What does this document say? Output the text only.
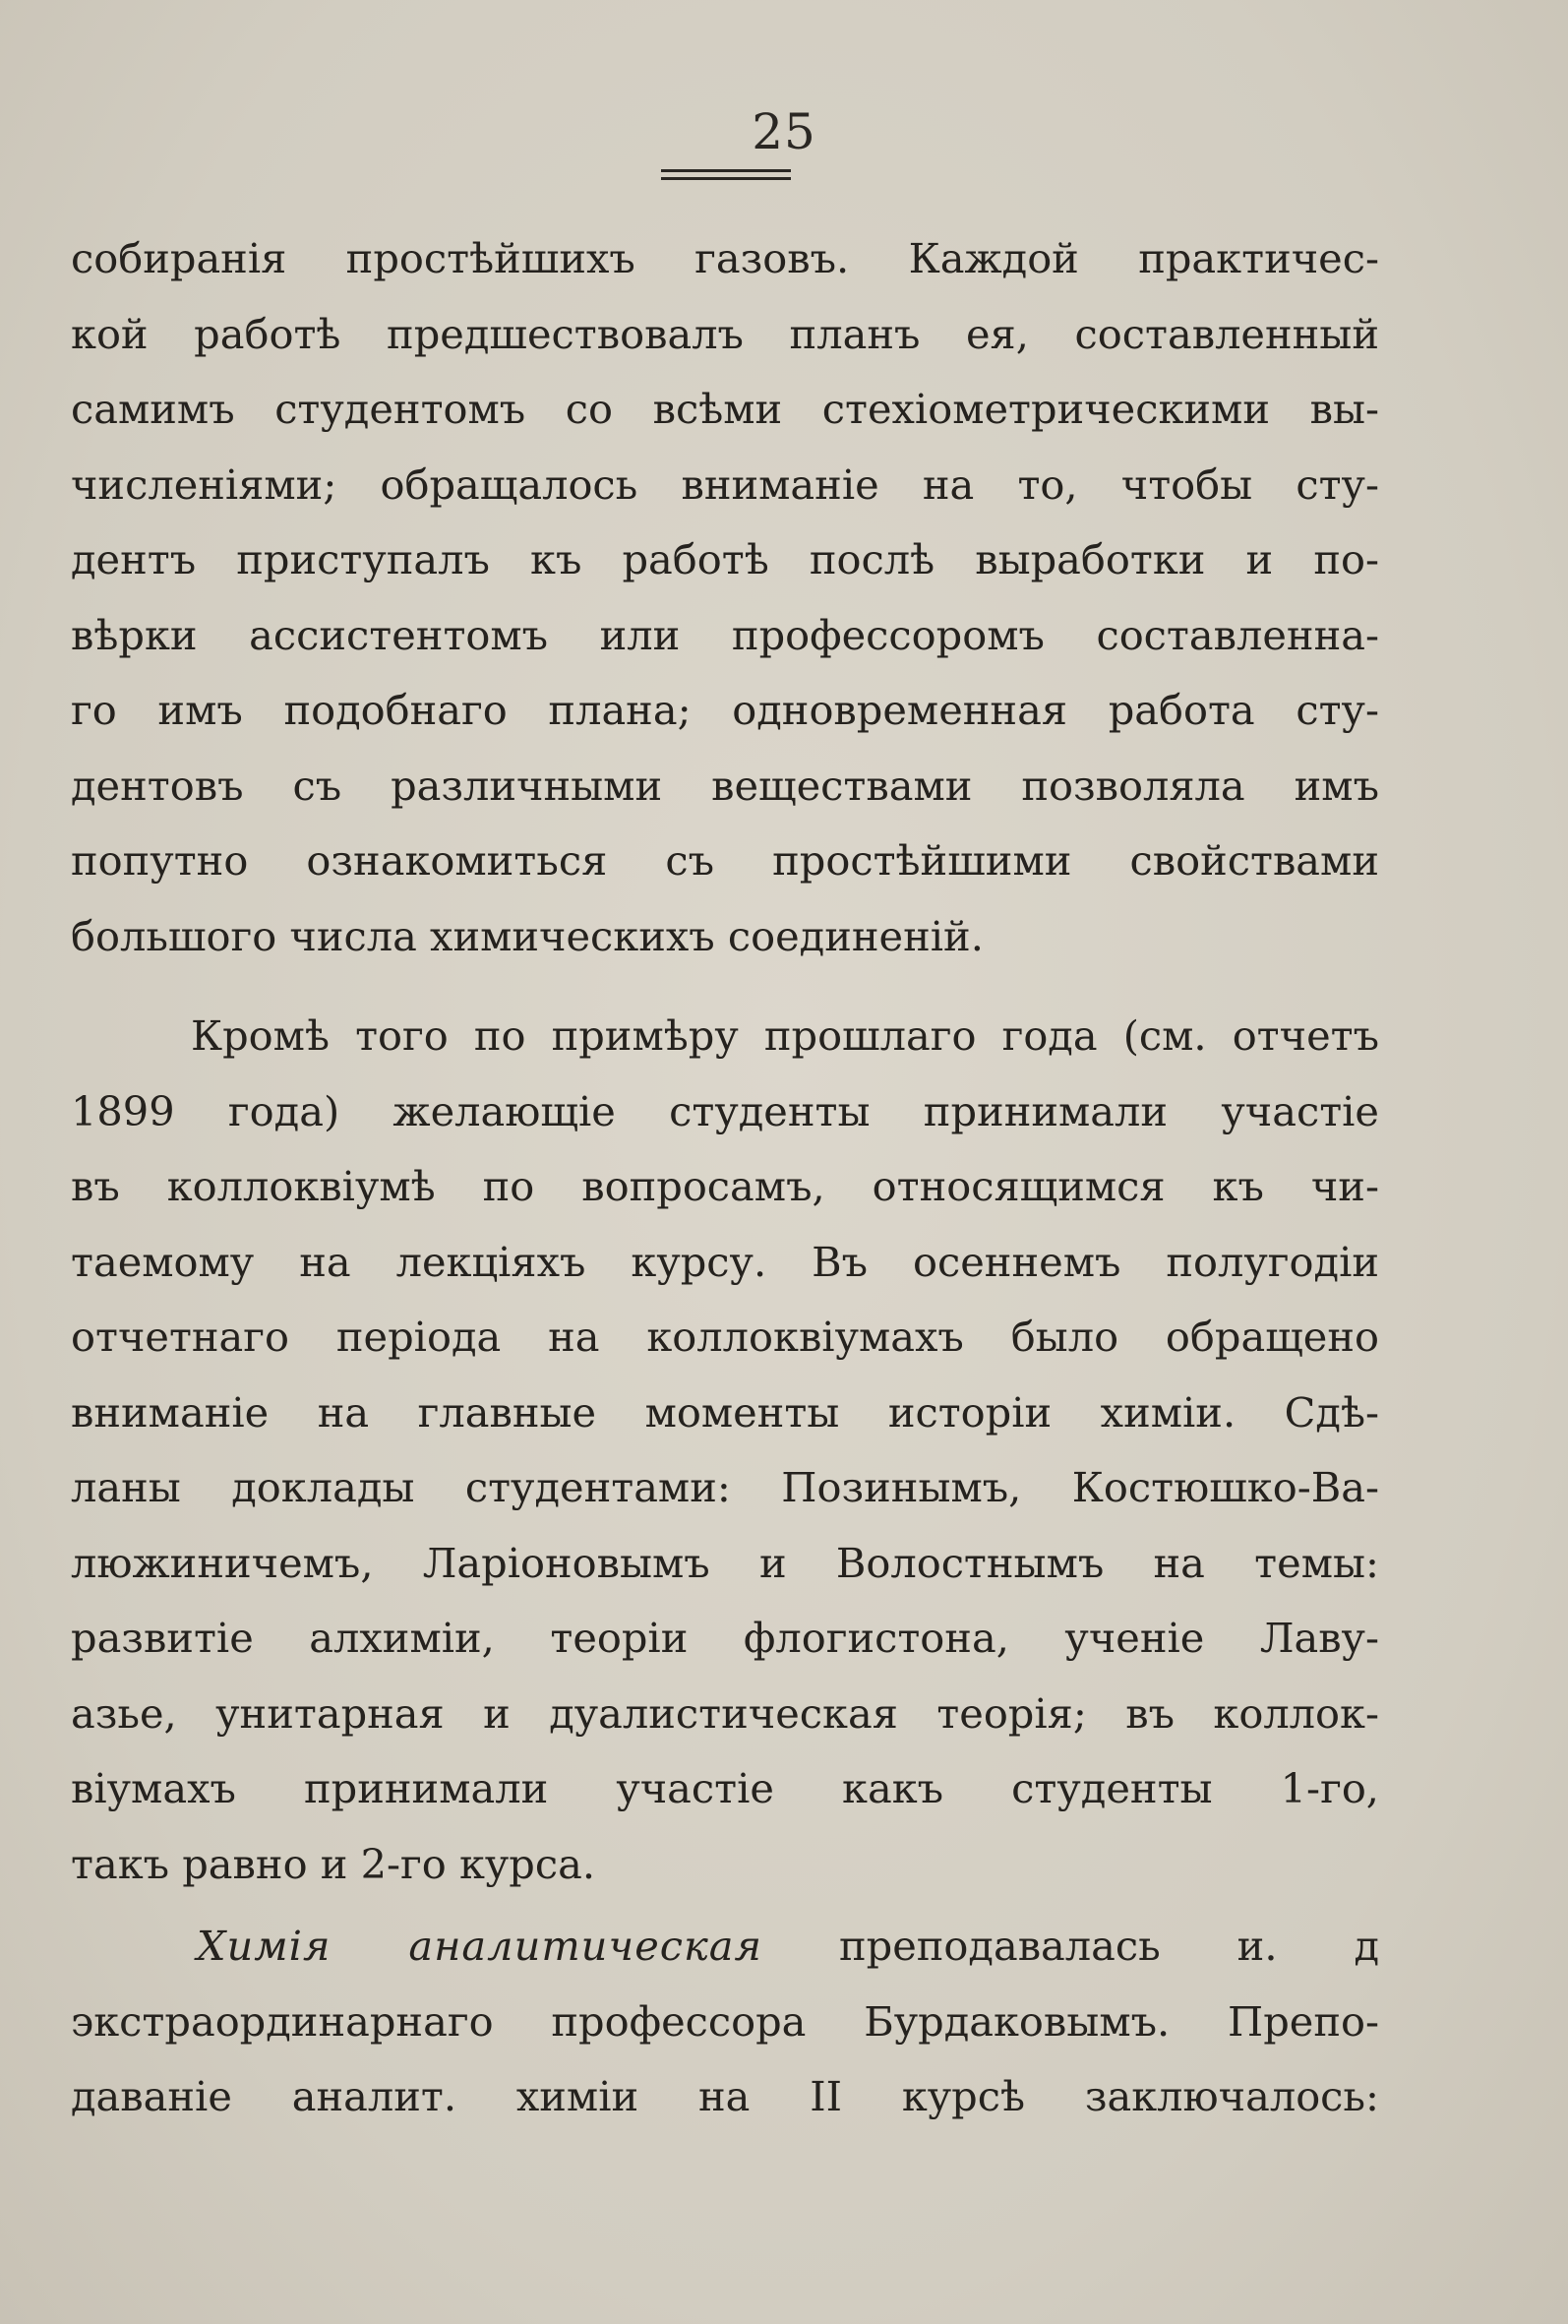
25
собиранія простѣйшихъ газовъ. Каждой практичес-
кой работѣ предшествовалъ планъ ея, составленный
самимъ студентомъ со всѣми стехіометрическими вы-
численіями; обращалось вниманіе на то, чтобы сту-
дентъ приступалъ къ работѣ послѣ выработки и по-
вѣрки ассистентомъ или профессоромъ составленна-
го имъ подобнаго плана; одновременная работа сту-
дентовъ съ различными веществами позволяла имъ
попутно ознакомиться съ простѣйшими свойствами
большого числа химическихъ соединеній.
Кромѣ того по примѣру прошлаго года (см. отчетъ
1899 года) желающіе студенты принимали участіе
въ коллоквіумѣ по вопросамъ, относящимся къ чи-
таемому на лекціяхъ курсу. Въ осеннемъ полугодіи
отчетнаго періода на коллоквіумахъ было обращено
вниманіе на главные моменты исторіи химіи. Сдѣ-
ланы доклады студентами: Позинымъ, Костюшко-Ва-
люжиничемъ, Ларіоновымъ и Волостнымъ на темы:
развитіе алхиміи, теоріи флогистона, ученіе Лаву-
азье, унитарная и дуалистическая теорія; въ коллок-
віумахъ принимали участіе какъ студенты 1-го,
такъ равно и 2-го курса.
Химія аналитическая преподавалась и. д
экстраординарнаго профессора Бурдаковымъ. Препо-
даваніе аналит. химіи на II курсѣ заключалось:
